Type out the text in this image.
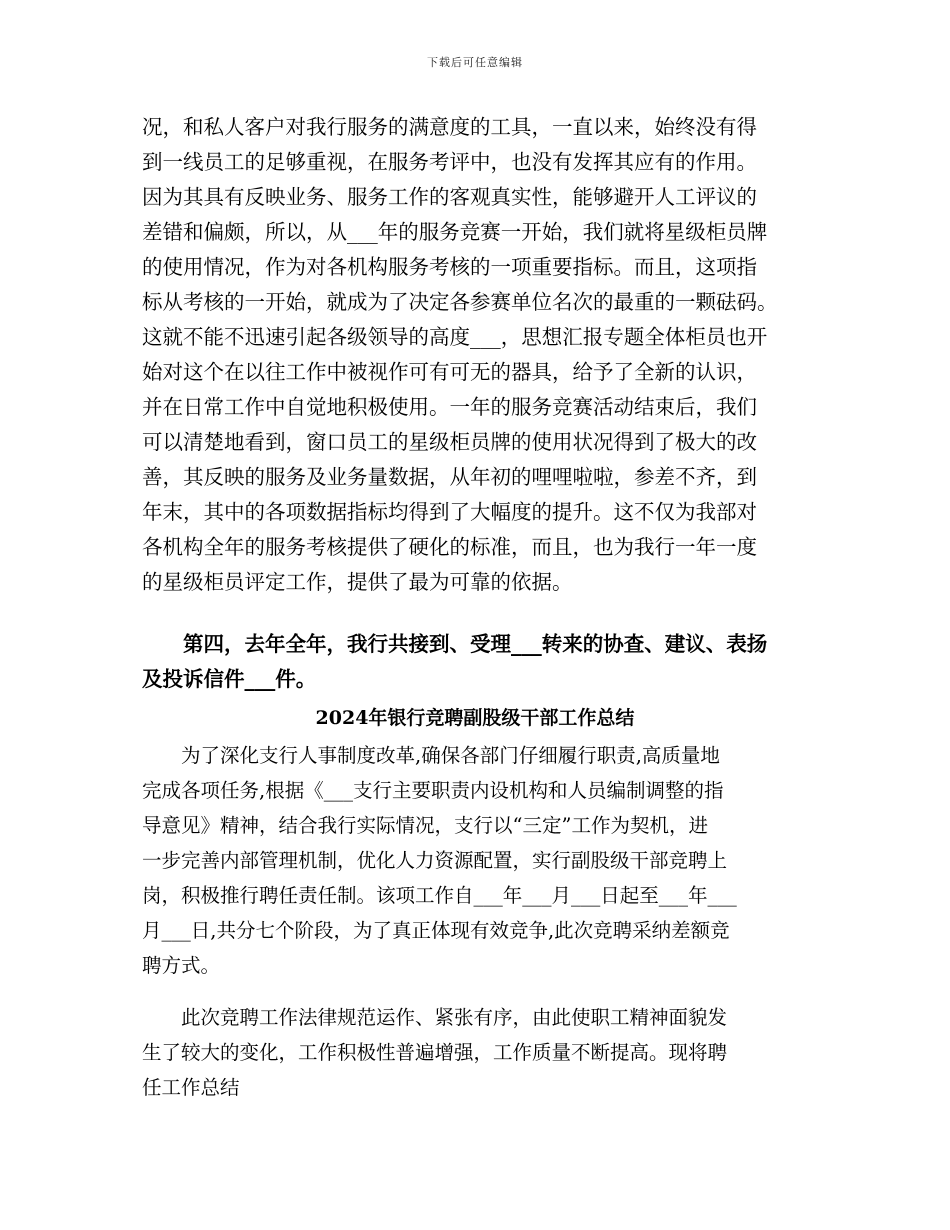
下载后可任意编辑
况，和私人客户对我行服务的满意度的工具，一直以来，始终没有得
到一线员工的足够重视，在服务考评中，也没有发挥其应有的作用。
因为其具有反映业务、服务工作的客观真实性，能够避开人工评议的
差错和偏颇，所以，从___年的服务竞赛一开始，我们就将星级柜员牌
的使用情况，作为对各机构服务考核的一项重要指标。而且，这项指
标从考核的一开始，就成为了决定各参赛单位名次的最重的一颗砝码。
这就不能不迅速引起各级领导的高度___，思想汇报专题全体柜员也开
始对这个在以往工作中被视作可有可无的器具，给予了全新的认识，
并在日常工作中自觉地积极使用。一年的服务竞赛活动结束后，我们
可以清楚地看到，窗口员工的星级柜员牌的使用状况得到了极大的改
善，其反映的服务及业务量数据，从年初的哩哩啦啦，参差不齐，到
年末，其中的各项数据指标均得到了大幅度的提升。这不仅为我部对
各机构全年的服务考核提供了硬化的标准，而且，也为我行一年一度
的星级柜员评定工作，提供了最为可靠的依据。
　　第四，去年全年，我行共接到、受理___转来的协查、建议、表扬
及投诉信件___件。
2024年银行竞聘副股级干部工作总结
　　为了深化支行人事制度改革,确保各部门仔细履行职责,高质量地
完成各项任务,根据《___支行主要职责内设机构和人员编制调整的指
导意见》精神，结合我行实际情况，支行以“三定”工作为契机，进
一步完善内部管理机制，优化人力资源配置，实行副股级干部竞聘上
岗，积极推行聘任责任制。该项工作自___年___月___日起至___年___
月___日,共分七个阶段，为了真正体现有效竞争,此次竞聘采纳差额竞
聘方式。
　　此次竞聘工作法律规范运作、紧张有序，由此使职工精神面貌发
生了较大的变化，工作积极性普遍增强，工作质量不断提高。现将聘
任工作总结
